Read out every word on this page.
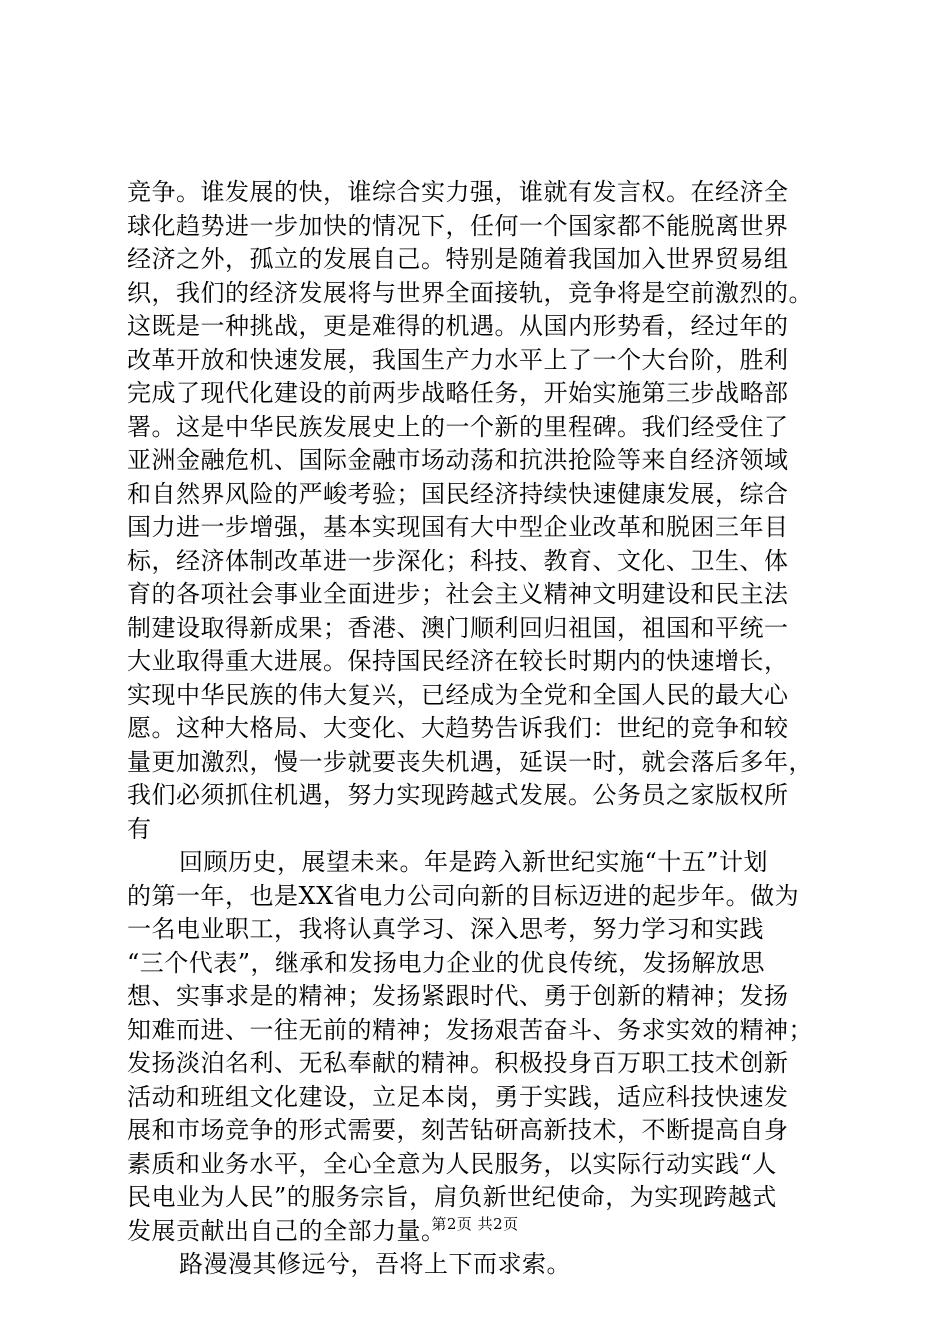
竞争。谁发展的快，谁综合实力强，谁就有发言权。在经济全
球化趋势进一步加快的情况下，任何一个国家都不能脱离世界
经济之外，孤立的发展自己。特别是随着我国加入世界贸易组
织，我们的经济发展将与世界全面接轨，竞争将是空前激烈的。
这既是一种挑战，更是难得的机遇。从国内形势看，经过年的
改革开放和快速发展，我国生产力水平上了一个大台阶，胜利
完成了现代化建设的前两步战略任务，开始实施第三步战略部
署。这是中华民族发展史上的一个新的里程碑。我们经受住了
亚洲金融危机、国际金融市场动荡和抗洪抢险等来自经济领域
和自然界风险的严峻考验；国民经济持续快速健康发展，综合
国力进一步增强，基本实现国有大中型企业改革和脱困三年目
标，经济体制改革进一步深化；科技、教育、文化、卫生、体
育的各项社会事业全面进步；社会主义精神文明建设和民主法
制建设取得新成果；香港、澳门顺利回归祖国，祖国和平统一
大业取得重大进展。保持国民经济在较长时期内的快速增长，
实现中华民族的伟大复兴，已经成为全党和全国人民的最大心
愿。这种大格局、大变化、大趋势告诉我们：世纪的竞争和较
量更加激烈，慢一步就要丧失机遇，延误一时，就会落后多年，
我们必须抓住机遇，努力实现跨越式发展。公务员之家版权所
有
回顾历史，展望未来。年是跨入新世纪实施“十五”计划
的第一年，也是XX省电力公司向新的目标迈进的起步年。做为
一名电业职工，我将认真学习、深入思考，努力学习和实践
“三个代表”，继承和发扬电力企业的优良传统，发扬解放思
想、实事求是的精神；发扬紧跟时代、勇于创新的精神；发扬
知难而进、一往无前的精神；发扬艰苦奋斗、务求实效的精神；
发扬淡泊名利、无私奉献的精神。积极投身百万职工技术创新
活动和班组文化建设，立足本岗，勇于实践，适应科技快速发
展和市场竞争的形式需要，刻苦钻研高新技术，不断提高自身
素质和业务水平，全心全意为人民服务，以实际行动实践“人
民电业为人民”的服务宗旨，肩负新世纪使命，为实现跨越式
发展贡献出自己的全部力量。
路漫漫其修远兮，吾将上下而求索。
第2页 共2页
